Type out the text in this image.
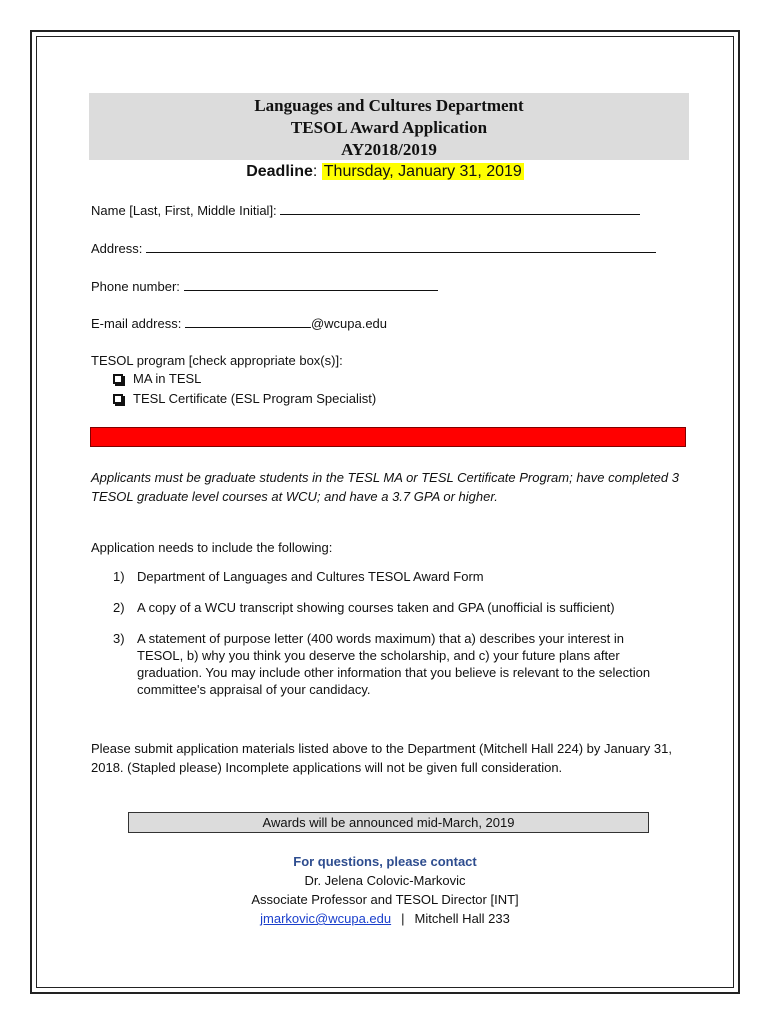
Languages and Cultures Department
TESOL Award Application
AY2018/2019
Deadline: Thursday, January 31, 2019
Name [Last, First, Middle Initial]:
Address:
Phone number:
E-mail address:	@wcupa.edu
TESOL program [check appropriate box(s)]:
MA in TESL
TESL Certificate (ESL Program Specialist)
Applicants must be graduate students in the TESL MA or TESL Certificate Program; have completed 3 TESOL graduate level courses at WCU; and have a 3.7 GPA or higher.
Application needs to include the following:
1) Department of Languages and Cultures TESOL Award Form
2) A copy of a WCU transcript showing courses taken and GPA (unofficial is sufficient)
3) A statement of purpose letter (400 words maximum) that a) describes your interest in TESOL, b) why you think you deserve the scholarship, and c) your future plans after graduation. You may include other information that you believe is relevant to the selection committee's appraisal of your candidacy.
Please submit application materials listed above to the Department (Mitchell Hall 224) by January 31, 2018. (Stapled please) Incomplete applications will not be given full consideration.
Awards will be announced mid-March, 2019
For questions, please contact
Dr. Jelena Colovic-Markovic
Associate Professor and TESOL Director [INT]
jmarkovic@wcupa.edu | Mitchell Hall 233
